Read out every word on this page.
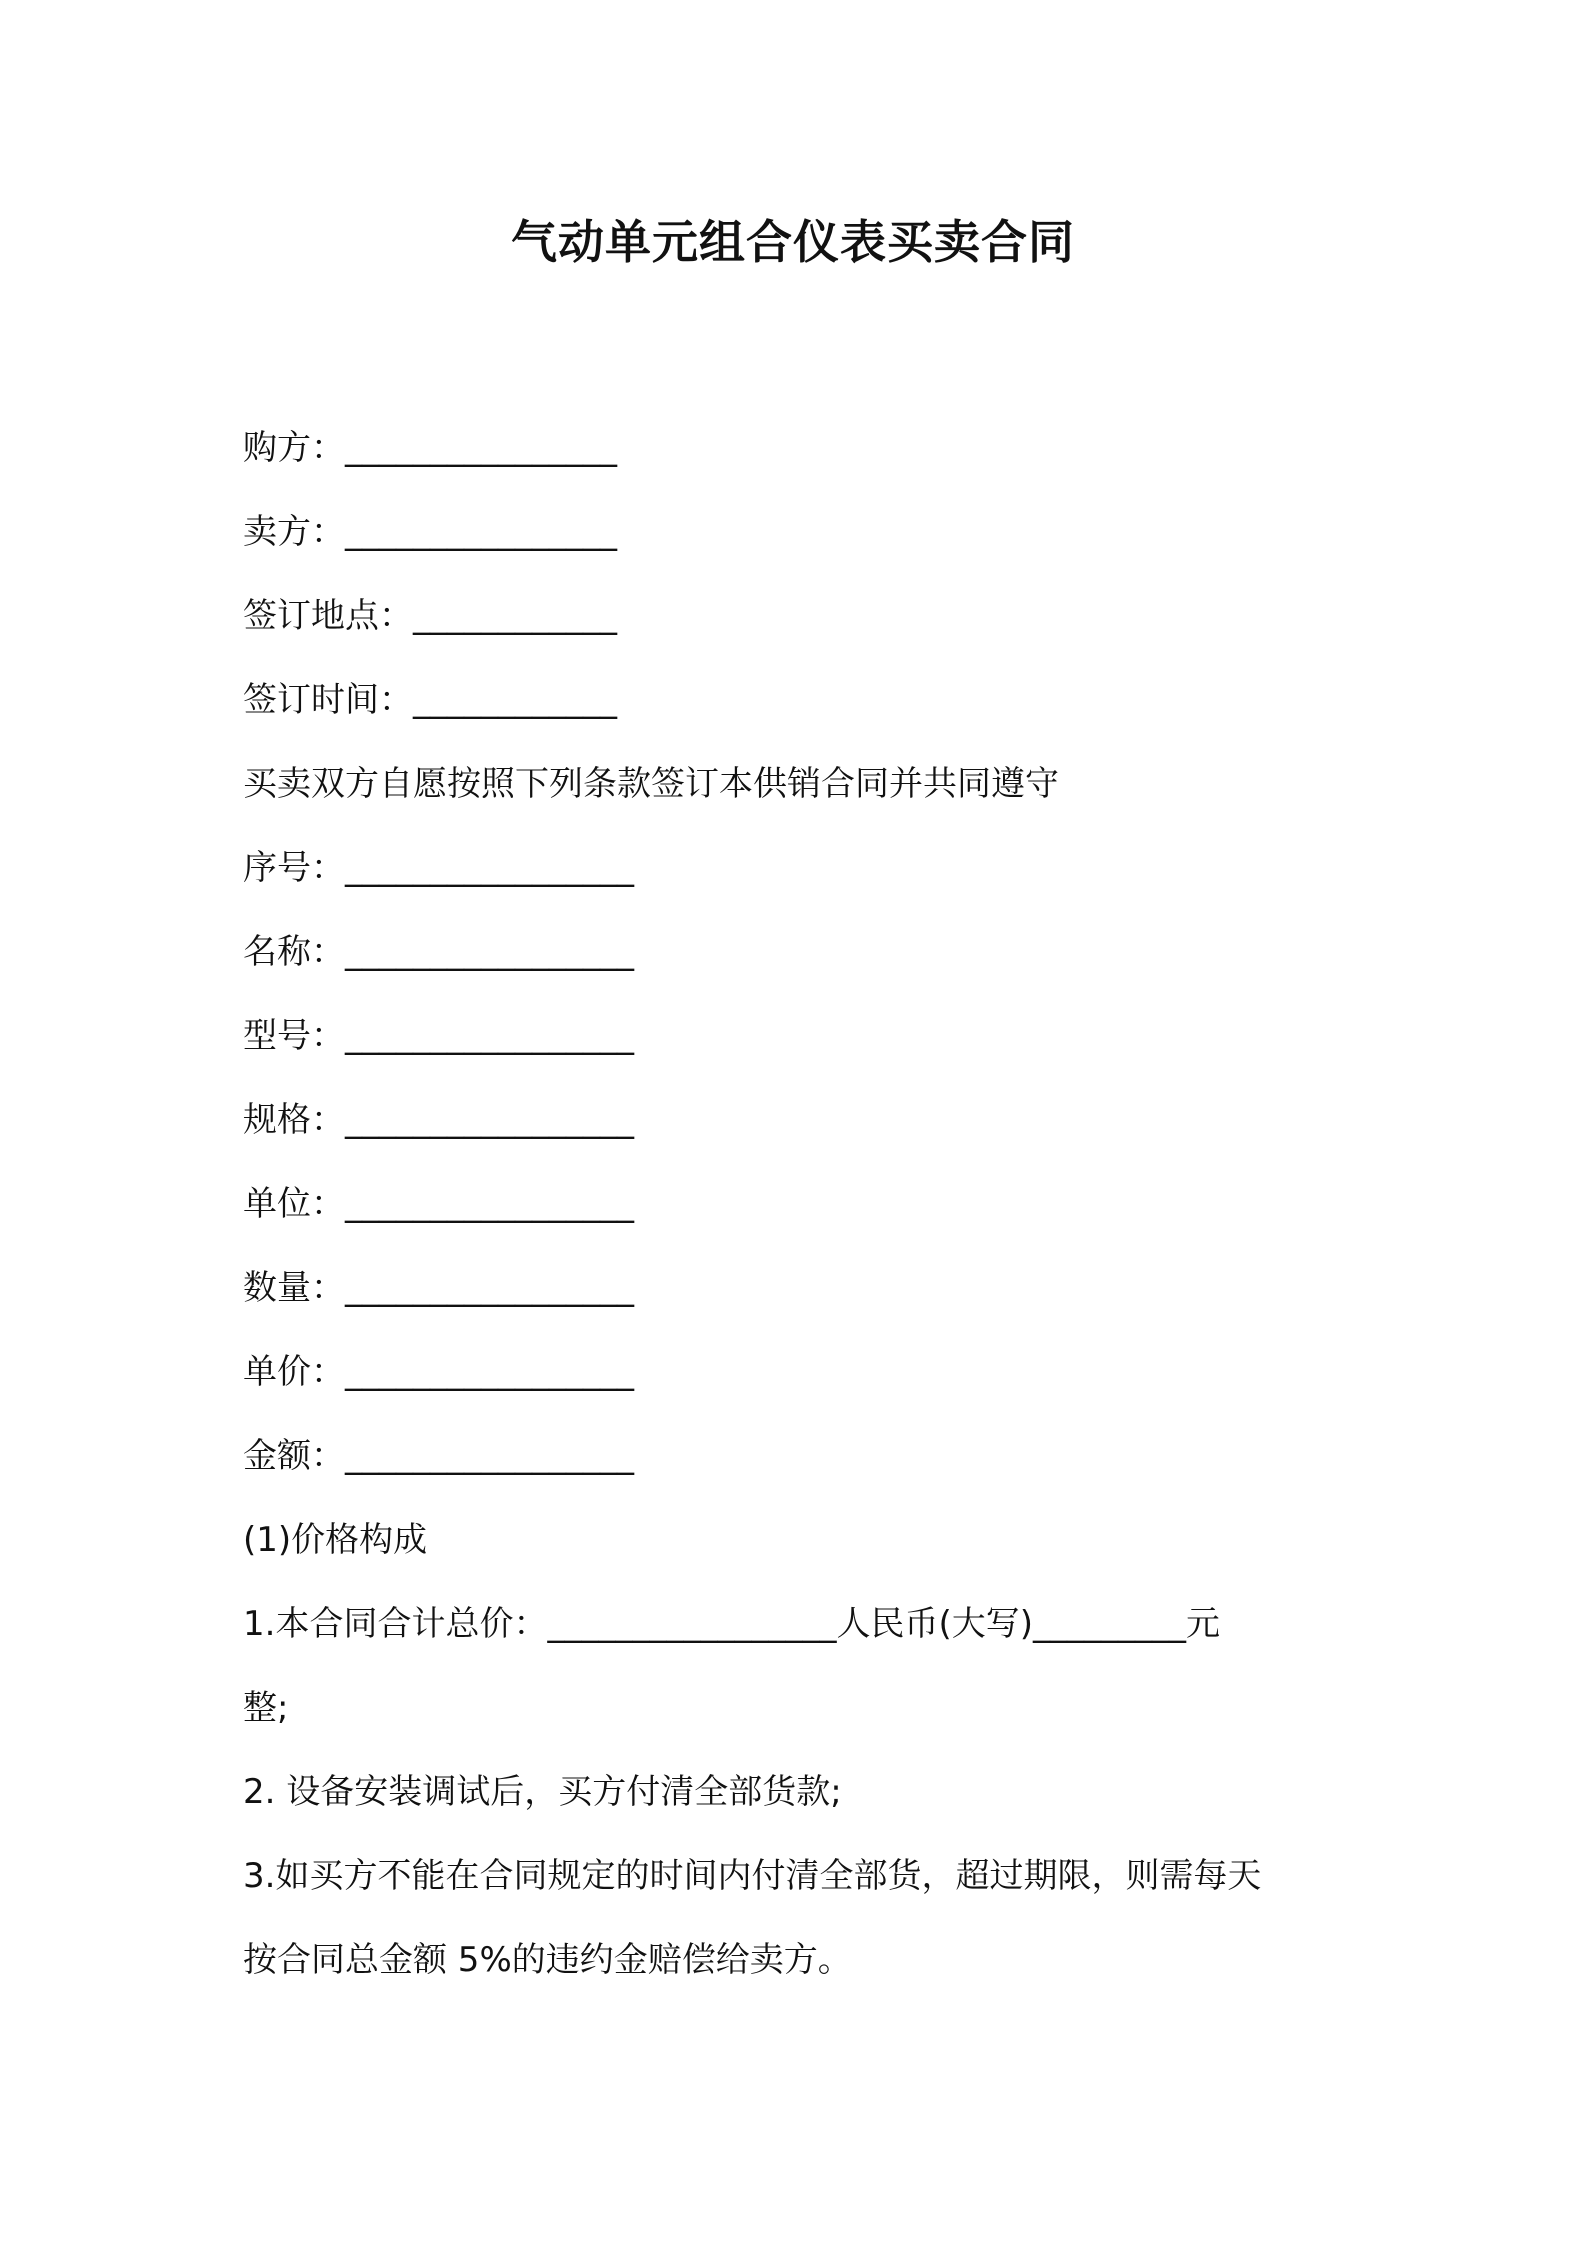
气动单元组合仪表买卖合同
购方：________________
卖方：________________
签订地点：____________
签订时间：____________
买卖双方自愿按照下列条款签订本供销合同并共同遵守
序号：_________________
名称：_________________
型号：_________________
规格：_________________
单位：_________________
数量：_________________
单价：_________________
金额：_________________
(1)价格构成
1.本合同合计总价：_________________人民币(大写)_________元
整;
2. 设备安装调试后，买方付清全部货款;
3.如买方不能在合同规定的时间内付清全部货，超过期限，则需每天
按合同总金额 5%的违约金赔偿给卖方。
